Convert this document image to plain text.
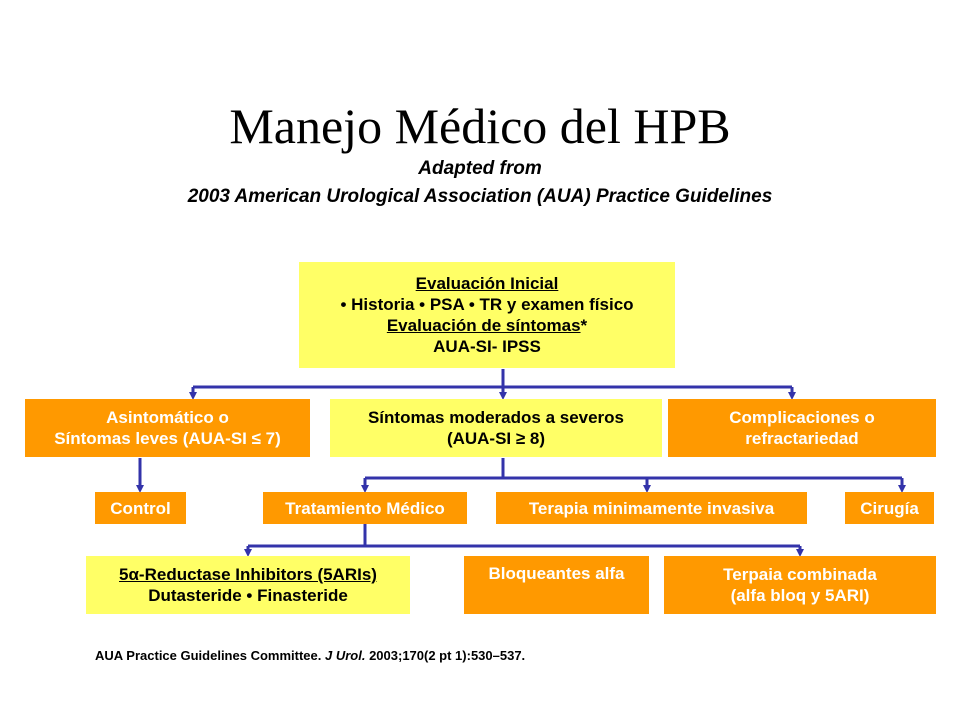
Manejo Médico del HPB
Adapted from
2003 American Urological Association (AUA) Practice Guidelines
Evaluación Inicial
• Historia • PSA • TR y examen físico
Evaluación de síntomas*
AUA-SI- IPSS
Asintomático o
Síntomas leves (AUA-SI ≤ 7)
Síntomas moderados a severos
(AUA-SI ≥ 8)
Complicaciones o
refractariedad
Control	Tratamiento Médico	Terapia minimamente invasiva	Cirugía
5α-Reductase Inhibitors (5ARIs)
Dutasteride • Finasteride
Bloqueantes alfa	Terpaia combinada
(alfa bloq y 5ARI)
AUA Practice Guidelines Committee. J Urol. 2003;170(2 pt 1):530–537.
